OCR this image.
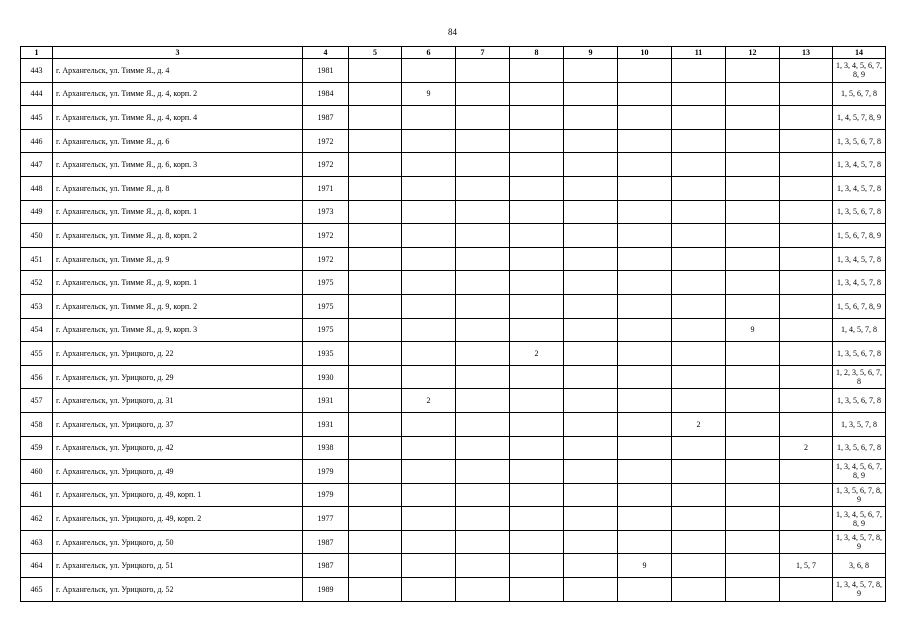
84
1	3	4	5	6	7	8	9	10	11	12	13	14
443	г. Архангельск, ул. Тимме Я., д. 4	1981										1, 3, 4, 5, 6, 7, 8, 9
444	г. Архангельск, ул. Тимме Я., д. 4, корп. 2	1984		9								1, 5, 6, 7, 8
445	г. Архангельск, ул. Тимме Я., д. 4, корп. 4	1987										1, 4, 5, 7, 8, 9
446	г. Архангельск, ул. Тимме Я., д. 6	1972										1, 3, 5, 6, 7, 8
447	г. Архангельск, ул. Тимме Я., д. 6, корп. 3	1972										1, 3, 4, 5, 7, 8
448	г. Архангельск, ул. Тимме Я., д. 8	1971										1, 3, 4, 5, 7, 8
449	г. Архангельск, ул. Тимме Я., д. 8, корп. 1	1973										1, 3, 5, 6, 7, 8
450	г. Архангельск, ул. Тимме Я., д. 8, корп. 2	1972										1, 5, 6, 7, 8, 9
451	г. Архангельск, ул. Тимме Я., д. 9	1972										1, 3, 4, 5, 7, 8
452	г. Архангельск, ул. Тимме Я., д. 9, корп. 1	1975										1, 3, 4, 5, 7, 8
453	г. Архангельск, ул. Тимме Я., д. 9, корп. 2	1975										1, 5, 6, 7, 8, 9
454	г. Архангельск, ул. Тимме Я., д. 9, корп. 3	1975								9		1, 4, 5, 7, 8
455	г. Архангельск, ул. Урицкого, д. 22	1935				2						1, 3, 5, 6, 7, 8
456	г. Архангельск, ул. Урицкого, д. 29	1930										1, 2, 3, 5, 6, 7, 8
457	г. Архангельск, ул. Урицкого, д. 31	1931		2								1, 3, 5, 6, 7, 8
458	г. Архангельск, ул. Урицкого, д. 37	1931							2			1, 3, 5, 7, 8
459	г. Архангельск, ул. Урицкого, д. 42	1938									2	1, 3, 5, 6, 7, 8
460	г. Архангельск, ул. Урицкого, д. 49	1979										1, 3, 4, 5, 6, 7, 8, 9
461	г. Архангельск, ул. Урицкого, д. 49, корп. 1	1979										1, 3, 5, 6, 7, 8, 9
462	г. Архангельск, ул. Урицкого, д. 49, корп. 2	1977										1, 3, 4, 5, 6, 7, 8, 9
463	г. Архангельск, ул. Урицкого, д. 50	1987										1, 3, 4, 5, 7, 8, 9
464	г. Архангельск, ул. Урицкого, д. 51	1987						9			1, 5, 7	3, 6, 8
465	г. Архангельск, ул. Урицкого, д. 52	1989										1, 3, 4, 5, 7, 8, 9
